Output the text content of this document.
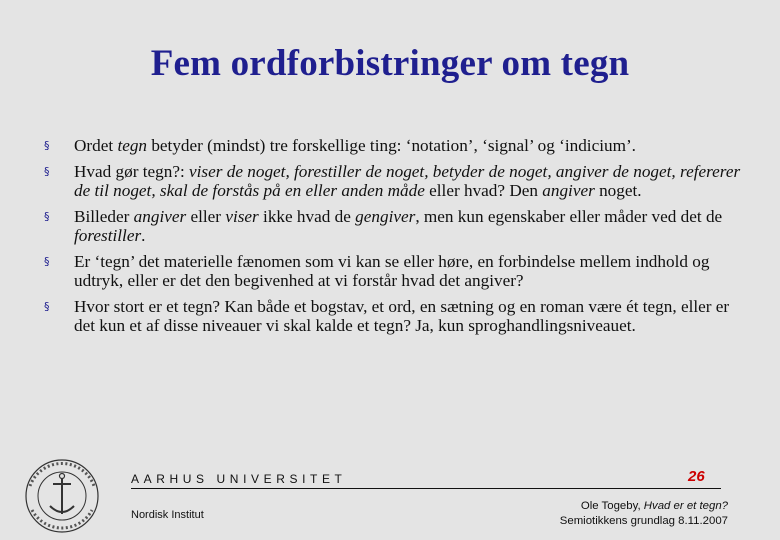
Fem ordforbistringer om tegn
§ Ordet tegn betyder (mindst) tre forskellige ting: ‘notation’, ‘signal’ og ‘indicium’.
§ Hvad gør tegn?: viser de noget, forestiller de noget, betyder de noget, angiver de noget, refererer de til noget, skal de forstås på en eller anden måde eller hvad? Den angiver noget.
§ Billeder angiver eller viser ikke hvad de gengiver, men kun egenskaber eller måder ved det de forestiller.
§ Er ‘tegn’ det materielle fænomen som vi kan se eller høre, en forbindelse mellem indhold og udtryk, eller er det den begivenhed at vi forstår hvad det angiver?
§ Hvor stort er et tegn? Kan både et bogstav, et ord, en sætning og en roman være ét tegn, eller er det kun et af disse niveauer vi skal kalde et tegn? Ja, kun sproghandlingsniveauet.
AARHUS UNIVERSITET
Nordisk Institut
26
Ole Togeby, Hvad er et tegn?
Semiotikkens grundlag 8.11.2007
